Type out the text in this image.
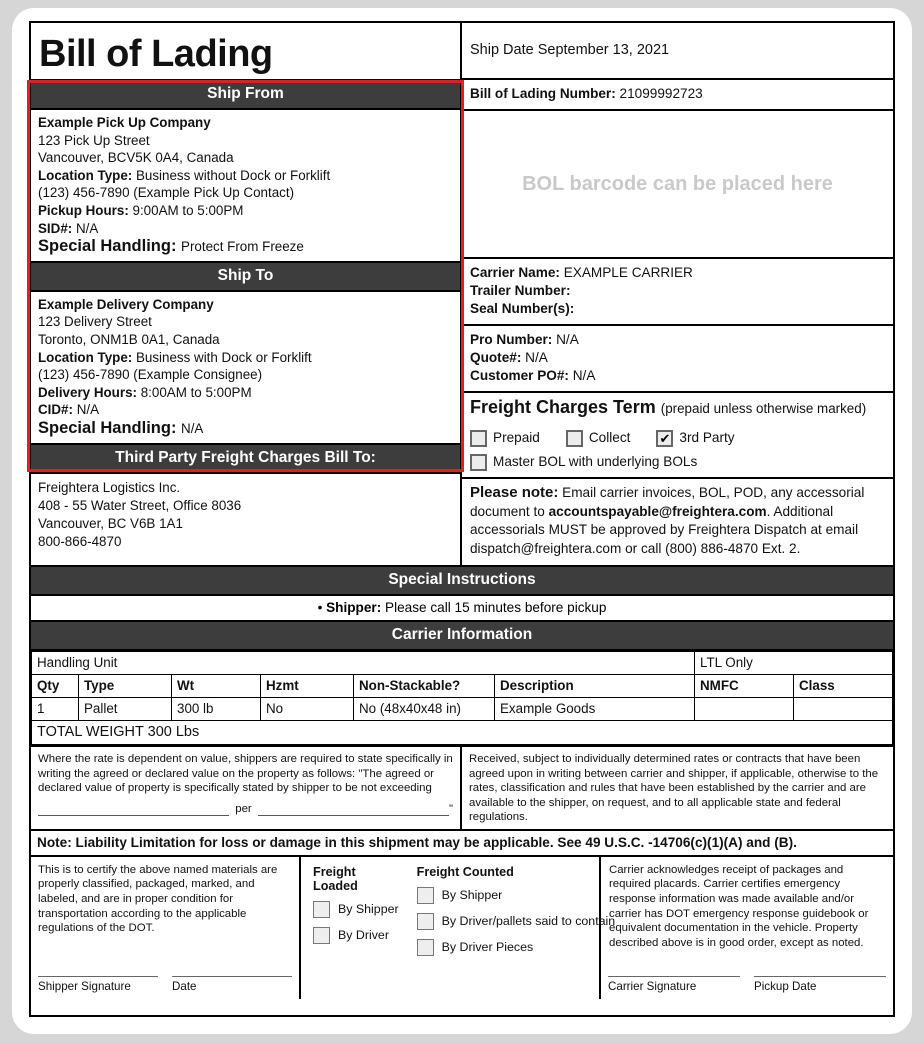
Bill of Lading
Ship From
Example Pick Up Company
123 Pick Up Street
Vancouver, BCV5K 0A4, Canada
Location Type: Business without Dock or Forklift
(123) 456-7890 (Example Pick Up Contact)
Pickup Hours: 9:00AM to 5:00PM
SID#: N/A
Special Handling: Protect From Freeze
Ship To
Example Delivery Company
123 Delivery Street
Toronto, ONM1B 0A1, Canada
Location Type: Business with Dock or Forklift
(123) 456-7890 (Example Consignee)
Delivery Hours: 8:00AM to 5:00PM
CID#: N/A
Special Handling: N/A
Third Party Freight Charges Bill To:
Freightera Logistics Inc.
408 - 55 Water Street, Office 8036
Vancouver, BC V6B 1A1
800-866-4870
Ship Date September 13, 2021
Bill of Lading Number: 21099992723
BOL barcode can be placed here
Carrier Name: EXAMPLE CARRIER
Trailer Number:
Seal Number(s):
Pro Number: N/A
Quote#: N/A
Customer PO#: N/A
Freight Charges Term (prepaid unless otherwise marked)
Prepaid	Collect ✔ 3rd Party
Master BOL with underlying BOLs
Please note: Email carrier invoices, BOL, POD, any accessorial document to accountspayable@freightera.com. Additional accessorials MUST be approved by Freightera Dispatch at email dispatch@freightera.com or call (800) 886-4870 Ext. 2.
Special Instructions
• Shipper: Please call 15 minutes before pickup
Carrier Information
Handling Unit						LTL Only	
Qty	Type	Wt	Hzmt	Non-Stackable?	Description	NMFC	Class
1	Pallet	300 lb	No	No (48x40x48 in)	Example Goods		
TOTAL WEIGHT 300 Lbs							
Where the rate is dependent on value, shippers are required to state specifically in writing the agreed or declared value on the property as follows: "The agreed or declared value of property is specifically stated by shipper to be not exceeding
per	"
Received, subject to individually determined rates or contracts that have been agreed upon in writing between carrier and shipper, if applicable, otherwise to the rates, classification and rules that have been established by the carrier and are available to the shipper, on request, and to all applicable state and federal regulations.
Note: Liability Limitation for loss or damage in this shipment may be applicable. See 49 U.S.C. -14706(c)(1)(A) and (B).
This is to certify the above named materials are properly classified, packaged, marked, and labeled, and are in proper condition for transportation according to the applicable regulations of the DOT.
Shipper Signature	Date
Freight Loaded
By Shipper
By Driver
Freight Counted
By Shipper
By Driver/pallets said to contain
By Driver Pieces
Carrier acknowledges receipt of packages and required placards. Carrier certifies emergency response information was made available and/or carrier has DOT emergency response guidebook or equivalent documentation in the vehicle. Property described above is in good order, except as noted.
Carrier Signature	Pickup Date
